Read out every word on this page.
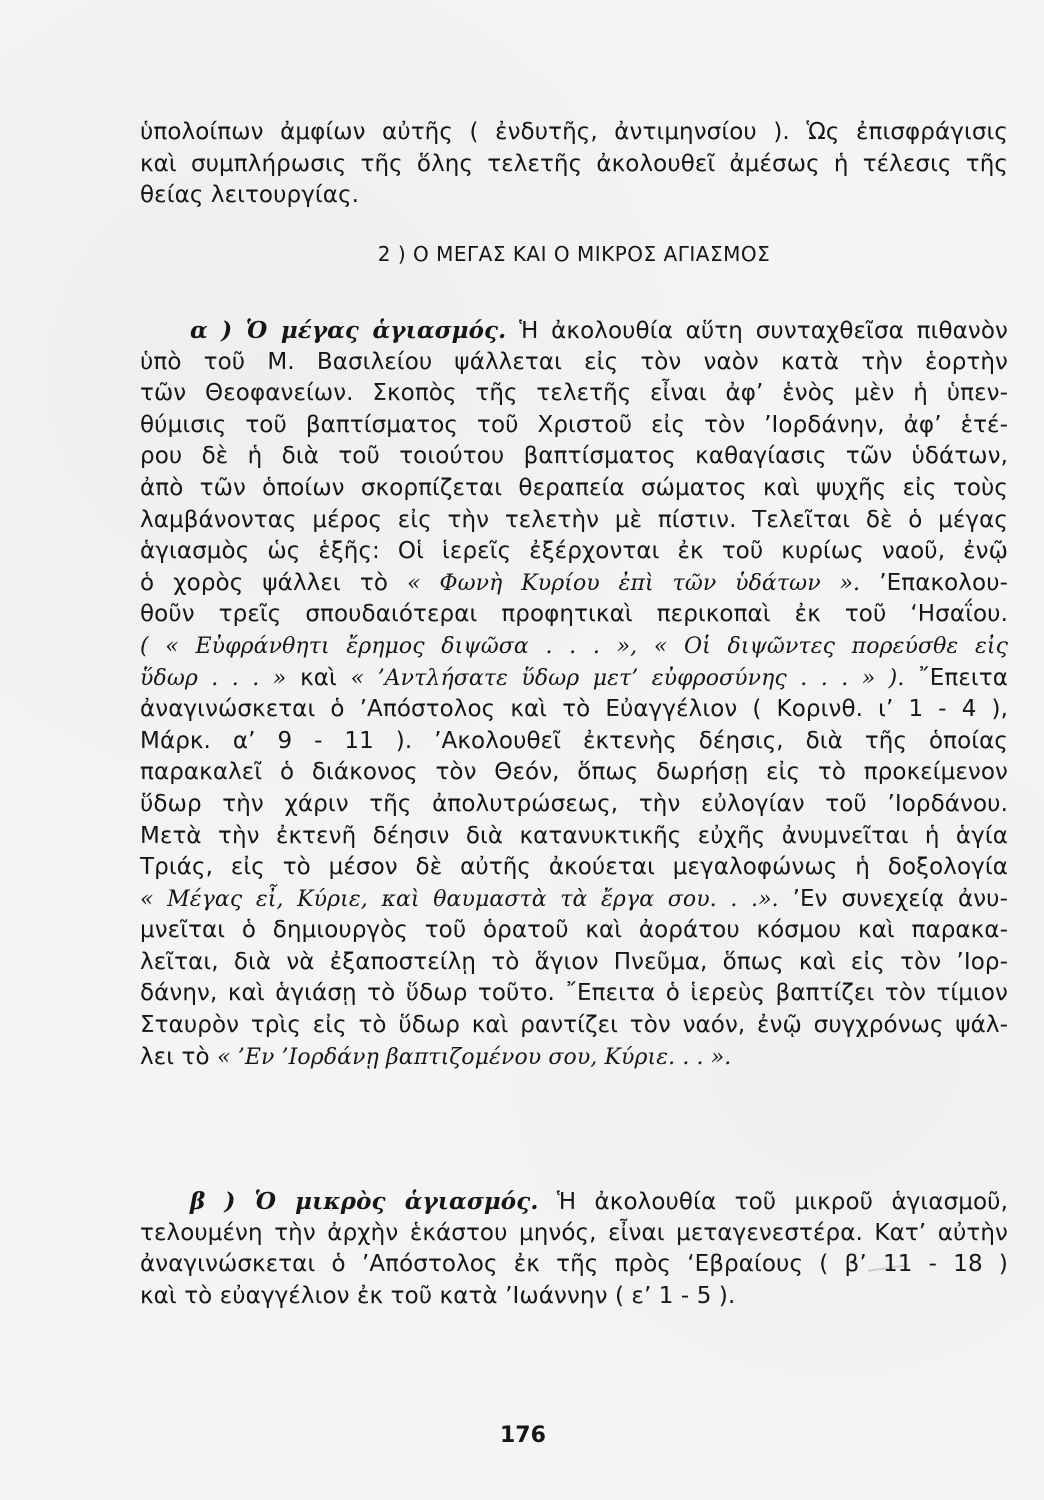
ὑπολοίπων ἀμφίων αὐτῆς ( ἐνδυτῆς, ἀντιμηνσίου ). Ὡς ἐπισφράγισις
καὶ συμπλήρωσις τῆς ὅλης τελετῆς ἀκολουθεῖ ἀμέσως ἡ τέλεσις τῆς
θείας λειτουργίας.
2 ) Ο ΜΕΓΑΣ ΚΑΙ Ο ΜΙΚΡΟΣ ΑΓΙΑΣΜΟΣ
α ) Ὁ μέγας ἁγιασμός. Ἡ ἀκολουθία αὕτη συνταχθεῖσα πιθανὸν
ὑπὸ τοῦ Μ. Βασιλείου ψάλλεται εἰς τὸν ναὸν κατὰ τὴν ἑορτὴν
τῶν Θεοφανείων. Σκοπὸς τῆς τελετῆς εἶναι ἀφ’ ἑνὸς μὲν ἡ ὑπεν-
θύμισις τοῦ βαπτίσματος τοῦ Χριστοῦ εἰς τὸν ’Ιορδάνην, ἀφ’ ἑτέ-
ρου δὲ ἡ διὰ τοῦ τοιούτου βαπτίσματος καθαγίασις τῶν ὑδάτων,
ἀπὸ τῶν ὁποίων σκορπίζεται θεραπεία σώματος καὶ ψυχῆς εἰς τοὺς
λαμβάνοντας μέρος εἰς τὴν τελετὴν μὲ πίστιν. Τελεῖται δὲ ὁ μέγας
ἁγιασμὸς ὡς ἑξῆς: Οἱ ἱερεῖς ἐξέρχονται ἐκ τοῦ κυρίως ναοῦ, ἐνῷ
ὁ χορὸς ψάλλει τὸ « Φωνὴ Κυρίου ἐπὶ τῶν ὑδάτων ». ’Επακολου-
θοῦν τρεῖς σπουδαιότεραι προφητικαὶ περικοπαὶ ἐκ τοῦ ‘Ησαΐου.
( « Εὐφράνθητι ἔρημος διψῶσα . . . », « Οἱ διψῶντες πορεύσθε εἰς
ὕδωρ . . . » καὶ « ’Αντλήσατε ὕδωρ μετ’ εὐφροσύνης . . . » ). ῎Επειτα
ἀναγινώσκεται ὁ ’Απόστολος καὶ τὸ Εὐαγγέλιον ( Κορινθ. ι’ 1 - 4 ),
Μάρκ. α’ 9 - 11 ). ’Ακολουθεῖ ἐκτενὴς δέησις, διὰ τῆς ὁποίας
παρακαλεῖ ὁ διάκονος τὸν Θεόν, ὅπως δωρήσῃ εἰς τὸ προκείμενον
ὕδωρ τὴν χάριν τῆς ἀπολυτρώσεως, τὴν εὐλογίαν τοῦ ’Ιορδάνου.
Μετὰ τὴν ἐκτενῆ δέησιν διὰ κατανυκτικῆς εὐχῆς ἀνυμνεῖται ἡ ἁγία
Τριάς, εἰς τὸ μέσον δὲ αὐτῆς ἀκούεται μεγαλοφώνως ἡ δοξολογία
« Μέγας εἶ, Κύριε, καὶ θαυμαστὰ τὰ ἔργα σου. . .». ’Εν συνεχείᾳ ἀνυ-
μνεῖται ὁ δημιουργὸς τοῦ ὁρατοῦ καὶ ἀοράτου κόσμου καὶ παρακα-
λεῖται, διὰ νὰ ἐξαποστείλῃ τὸ ἅγιον Πνεῦμα, ὅπως καὶ εἰς τὸν ’Ιορ-
δάνην, καὶ ἁγιάσῃ τὸ ὕδωρ τοῦτο. ῎Επειτα ὁ ἱερεὺς βαπτίζει τὸν τίμιον
Σταυρὸν τρὶς εἰς τὸ ὕδωρ καὶ ραντίζει τὸν ναόν, ἐνῷ συγχρόνως ψάλ-
λει τὸ « ’Εν ’Ιορδάνῃ βαπτιζομένου σου, Κύριε. . . ».
β ) Ὁ μικρὸς ἁγιασμός. Ἡ ἀκολουθία τοῦ μικροῦ ἁγιασμοῦ,
τελουμένη τὴν ἀρχὴν ἑκάστου μηνός, εἶναι μεταγενεστέρα. Κατ’ αὐτὴν
ἀναγινώσκεται ὁ ’Απόστολος ἐκ τῆς πρὸς ‘Εβραίους ( β’ 11 - 18 )
καὶ τὸ εὐαγγέλιον ἐκ τοῦ κατὰ ’Ιωάννην ( ε’ 1 - 5 ).
176
